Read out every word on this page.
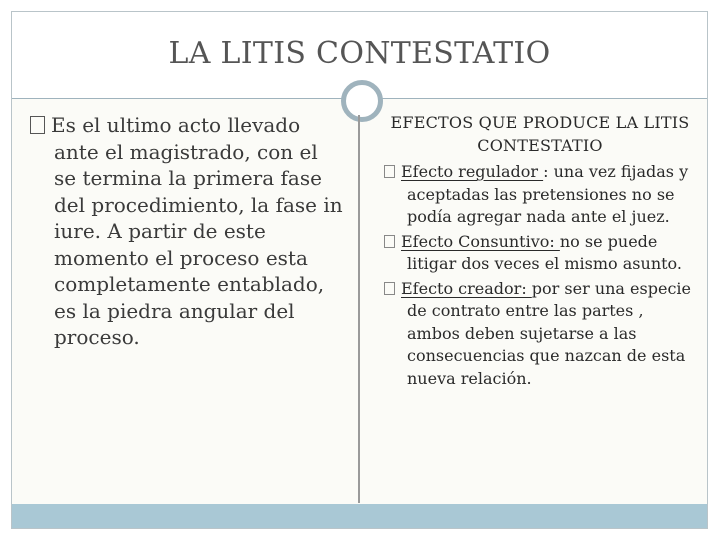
LA LITIS CONTESTATIO

Es el ultimo acto llevado ante el magistrado, con el se termina la primera fase del procedimiento, la fase in iure. A partir de este momento el proceso esta completamente entablado, es la piedra angular del proceso.

EFECTOS QUE PRODUCE LA LITIS CONTESTATIO

Efecto regulador : una vez fijadas y aceptadas las pretensiones no se podía agregar nada ante el juez.

Efecto Consuntivo: no se puede litigar dos veces el mismo asunto.

Efecto creador: por ser una especie de contrato entre las partes , ambos deben sujetarse a las consecuencias que nazcan de esta nueva relación.
